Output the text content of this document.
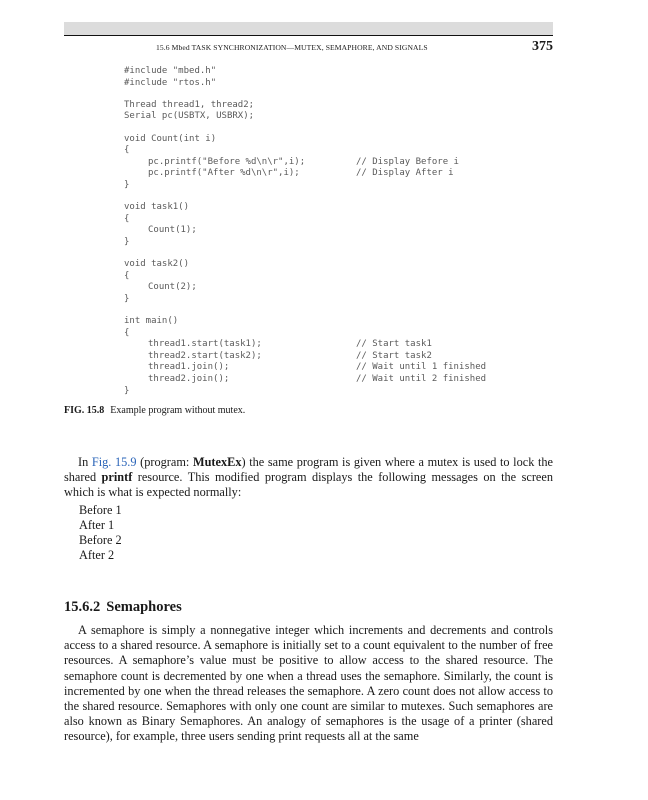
15.6 Mbed TASK SYNCHRONIZATION—MUTEX, SEMAPHORE, AND SIGNALS	375
#include "mbed.h"
#include "rtos.h"
Thread thread1, thread2;
Serial pc(USBTX, USBRX);
void Count(int i)
{
pc.printf("Before %d\n\r",i);	// Display Before i
pc.printf("After %d\n\r",i);	// Display After i
}
void task1()
{
Count(1);
}
void task2()
{
Count(2);
}
int main()
{
thread1.start(task1);	// Start task1
thread2.start(task2);	// Start task2
thread1.join();	// Wait until 1 finished
thread2.join();	// Wait until 2 finished
}
FIG. 15.8 Example program without mutex.
In Fig. 15.9 (program: MutexEx) the same program is given where a mutex is used to lock the shared printf resource. This modified program displays the following messages on the screen which is what is expected normally:
Before 1
After 1
Before 2
After 2
15.6.2 Semaphores
A semaphore is simply a nonnegative integer which increments and decrements and controls access to a shared resource. A semaphore is initially set to a count equivalent to the number of free resources. A semaphore’s value must be positive to allow access to the shared resource. The semaphore count is decremented by one when a thread uses the semaphore. Similarly, the count is incremented by one when the thread releases the semaphore. A zero count does not allow access to the shared resource. Semaphores with only one count are similar to mutexes. Such semaphores are also known as Binary Semaphores. An analogy of semaphores is the usage of a printer (shared resource), for example, three users sending print requests all at the same
